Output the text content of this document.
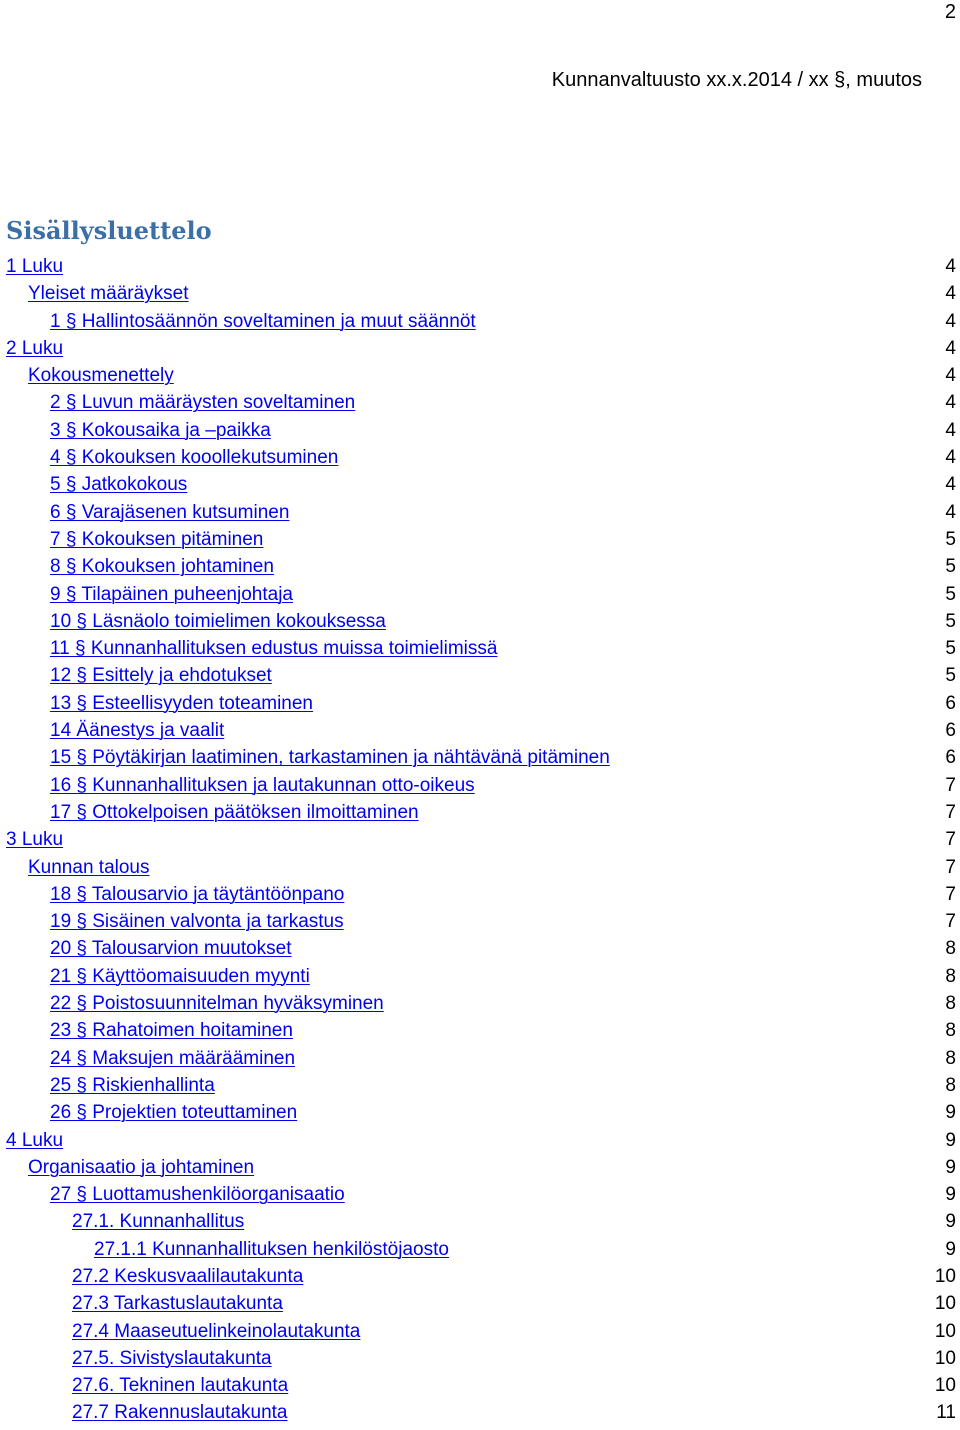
2
Kunnanvaltuusto xx.x.2014 / xx §, muutos
Sisällysluettelo
1 Luku	4
Yleiset määräykset	4
1 § Hallintosäännön soveltaminen ja muut säännöt	4
2 Luku	4
Kokousmenettely	4
2 § Luvun määräysten soveltaminen	4
3 § Kokousaika ja –paikka	4
4 § Kokouksen kooollekutsuminen	4
5 § Jatkokokous	4
6 § Varajäsenen kutsuminen	4
7 § Kokouksen pitäminen	5
8 § Kokouksen johtaminen	5
9 § Tilapäinen puheenjohtaja	5
10 § Läsnäolo toimielimen kokouksessa	5
11 § Kunnanhallituksen edustus muissa toimielimissä	5
12 § Esittely ja ehdotukset	5
13 § Esteellisyyden toteaminen	6
14 Äänestys ja vaalit	6
15 § Pöytäkirjan laatiminen, tarkastaminen ja nähtävänä pitäminen	6
16 § Kunnanhallituksen ja lautakunnan otto-oikeus	7
17 § Ottokelpoisen päätöksen ilmoittaminen	7
3 Luku	7
Kunnan talous	7
18 § Talousarvio ja täytäntöönpano	7
19 § Sisäinen valvonta ja tarkastus	7
20 § Talousarvion muutokset	8
21 § Käyttöomaisuuden myynti	8
22 § Poistosuunnitelman hyväksyminen	8
23 § Rahatoimen hoitaminen	8
24 § Maksujen määrääminen	8
25 § Riskienhallinta	8
26 § Projektien toteuttaminen	9
4 Luku	9
Organisaatio ja johtaminen	9
27 § Luottamushenkilöorganisaatio	9
27.1. Kunnanhallitus	9
27.1.1 Kunnanhallituksen henkilöstöjaosto	9
27.2 Keskusvaalilautakunta	10
27.3 Tarkastuslautakunta	10
27.4 Maaseutuelinkeinolautakunta	10
27.5. Sivistyslautakunta	10
27.6. Tekninen lautakunta	10
27.7 Rakennuslautakunta	11
